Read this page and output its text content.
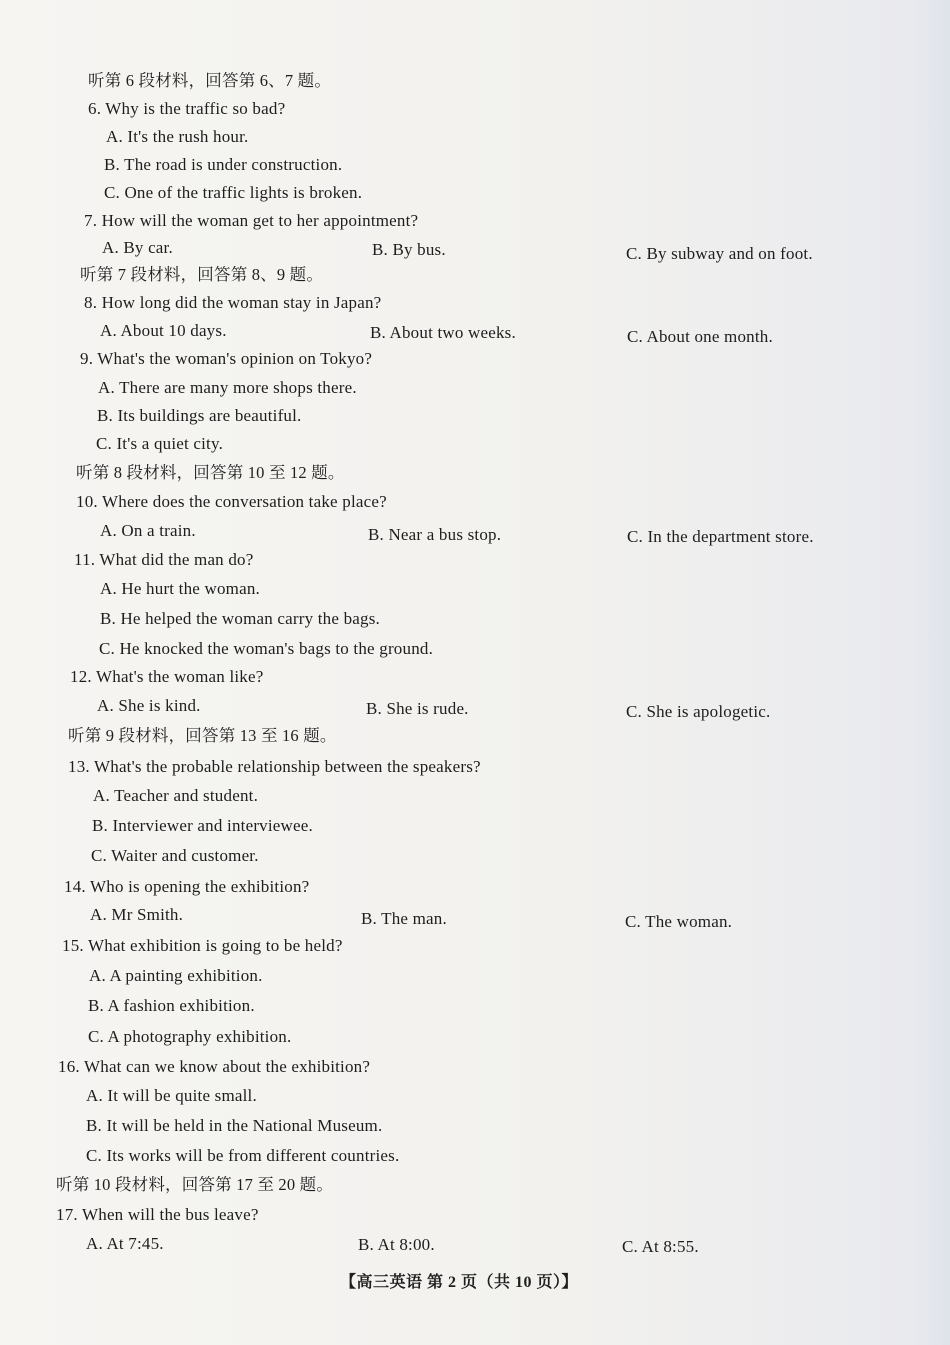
听第 6 段材料，回答第 6、7 题。
6. Why is the traffic so bad?
A. It's the rush hour.
B. The road is under construction.
C. One of the traffic lights is broken.
7. How will the woman get to her appointment?
A. By car.	B. By bus.	C. By subway and on foot.
听第 7 段材料，回答第 8、9 题。
8. How long did the woman stay in Japan?
A. About 10 days.	B. About two weeks.	C. About one month.
9. What's the woman's opinion on Tokyo?
A. There are many more shops there.
B. Its buildings are beautiful.
C. It's a quiet city.
听第 8 段材料，回答第 10 至 12 题。
10. Where does the conversation take place?
A. On a train.	B. Near a bus stop.	C. In the department store.
11. What did the man do?
A. He hurt the woman.
B. He helped the woman carry the bags.
C. He knocked the woman's bags to the ground.
12. What's the woman like?
A. She is kind.	B. She is rude.	C. She is apologetic.
听第 9 段材料，回答第 13 至 16 题。
13. What's the probable relationship between the speakers?
A. Teacher and student.
B. Interviewer and interviewee.
C. Waiter and customer.
14. Who is opening the exhibition?
A. Mr Smith.	B. The man.	C. The woman.
15. What exhibition is going to be held?
A. A painting exhibition.
B. A fashion exhibition.
C. A photography exhibition.
16. What can we know about the exhibition?
A. It will be quite small.
B. It will be held in the National Museum.
C. Its works will be from different countries.
听第 10 段材料，回答第 17 至 20 题。
17. When will the bus leave?
A. At 7:45.	B. At 8:00.	C. At 8:55.
【高三英语 第 2 页（共 10 页）】
